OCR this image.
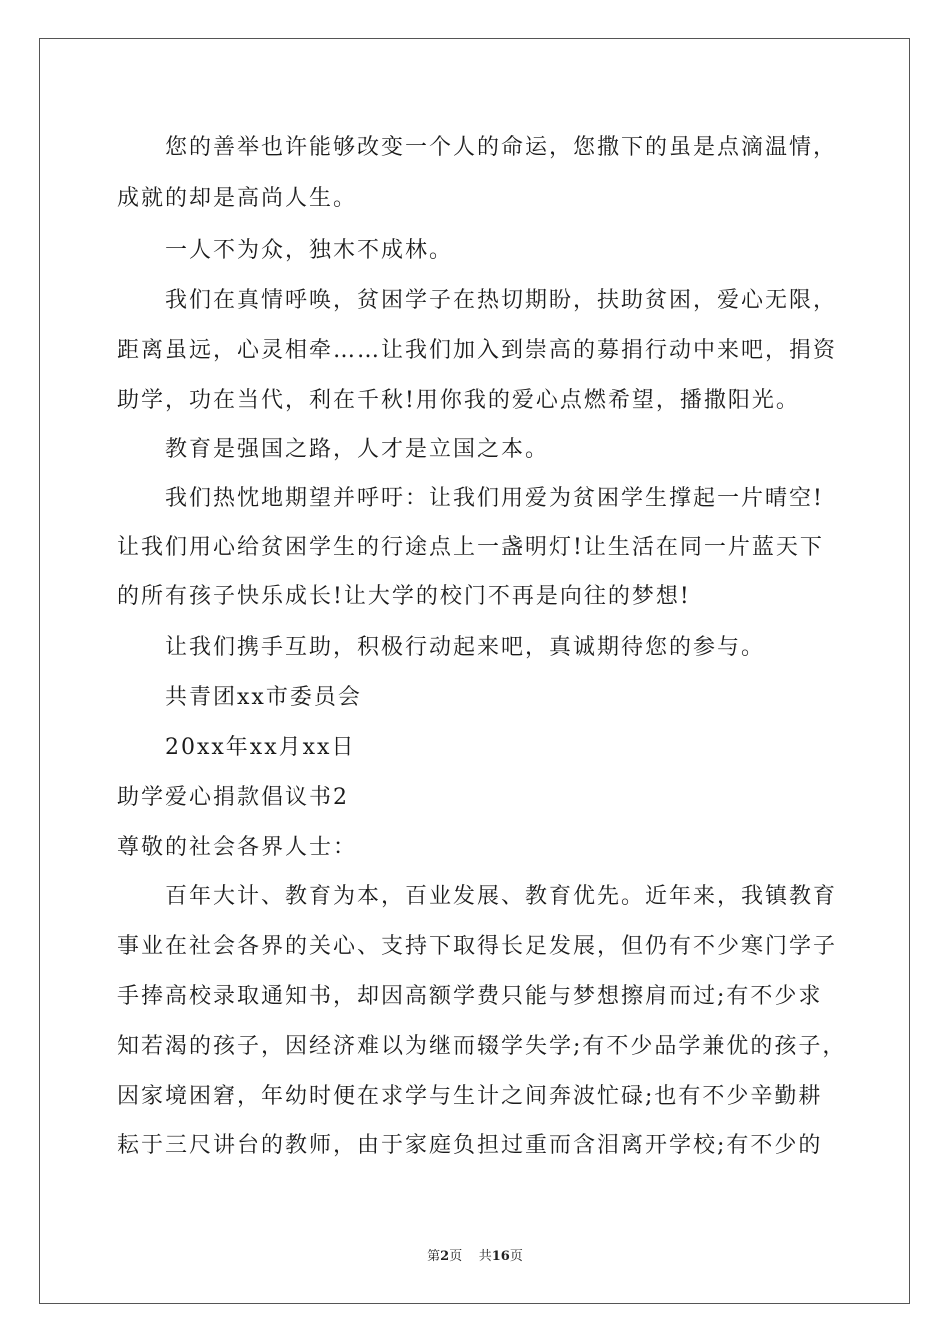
您的善举也许能够改变一个人的命运，您撒下的虽是点滴温情，
成就的却是高尚人生。
一人不为众，独木不成林。
我们在真情呼唤，贫困学子在热切期盼，扶助贫困，爱心无限，
距离虽远，心灵相牵……让我们加入到崇高的募捐行动中来吧，捐资
助学，功在当代，利在千秋!用你我的爱心点燃希望，播撒阳光。
教育是强国之路，人才是立国之本。
我们热忱地期望并呼吁：让我们用爱为贫困学生撑起一片晴空!
让我们用心给贫困学生的行途点上一盏明灯!让生活在同一片蓝天下
的所有孩子快乐成长!让大学的校门不再是向往的梦想!
让我们携手互助，积极行动起来吧，真诚期待您的参与。
共青团xx市委员会
20xx年xx月xx日
助学爱心捐款倡议书2
尊敬的社会各界人士：
百年大计、教育为本，百业发展、教育优先。近年来，我镇教育
事业在社会各界的关心、支持下取得长足发展，但仍有不少寒门学子
手捧高校录取通知书，却因高额学费只能与梦想擦肩而过;有不少求
知若渴的孩子，因经济难以为继而辍学失学;有不少品学兼优的孩子，
因家境困窘，年幼时便在求学与生计之间奔波忙碌;也有不少辛勤耕
耘于三尺讲台的教师，由于家庭负担过重而含泪离开学校;有不少的
第2页 共16页
